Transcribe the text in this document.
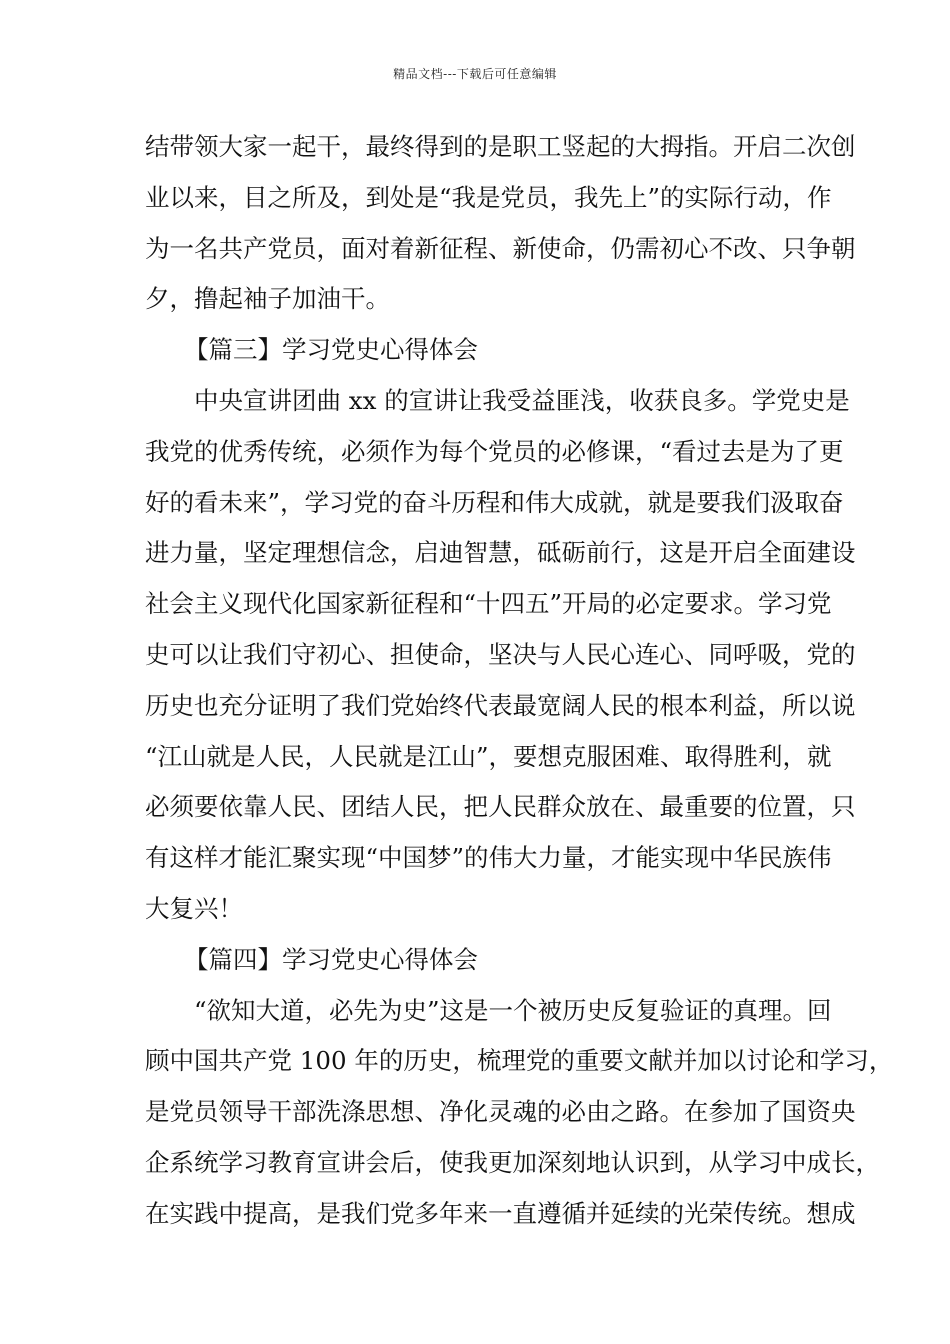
精品文档---下载后可任意编辑
结带领大家一起干，最终得到的是职工竖起的大拇指。开启二次创
业以来，目之所及，到处是“我是党员，我先上”的实际行动，作
为一名共产党员，面对着新征程、新使命，仍需初心不改、只争朝
夕，撸起袖子加油干。
【篇三】学习党史心得体会
中央宣讲团曲 xx 的宣讲让我受益匪浅，收获良多。学党史是
我党的优秀传统，必须作为每个党员的必修课，“看过去是为了更
好的看未来”，学习党的奋斗历程和伟大成就，就是要我们汲取奋
进力量，坚定理想信念，启迪智慧，砥砺前行，这是开启全面建设
社会主义现代化国家新征程和“十四五”开局的必定要求。学习党
史可以让我们守初心、担使命，坚决与人民心连心、同呼吸，党的
历史也充分证明了我们党始终代表最宽阔人民的根本利益，所以说
“江山就是人民，人民就是江山”，要想克服困难、取得胜利，就
必须要依靠人民、团结人民，把人民群众放在、最重要的位置，只
有这样才能汇聚实现“中国梦”的伟大力量，才能实现中华民族伟
大复兴！
【篇四】学习党史心得体会
“欲知大道，必先为史”这是一个被历史反复验证的真理。回
顾中国共产党 100 年的历史，梳理党的重要文献并加以讨论和学习，
是党员领导干部洗涤思想、净化灵魂的必由之路。在参加了国资央
企系统学习教育宣讲会后，使我更加深刻地认识到，从学习中成长，
在实践中提高，是我们党多年来一直遵循并延续的光荣传统。想成
